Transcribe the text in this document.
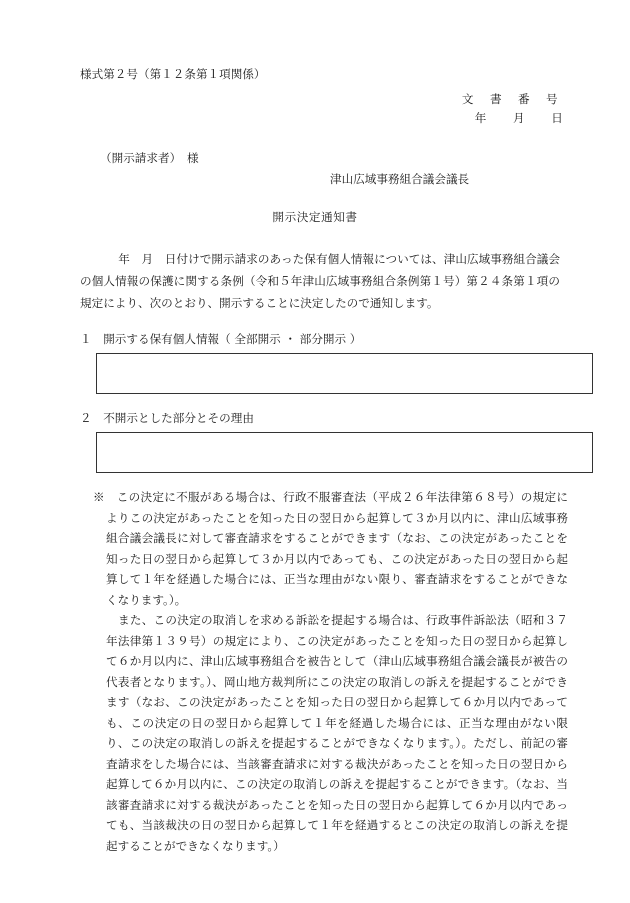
様式第２号（第１２条第１項関係）
文 書 番 号
年　　月　　日
（開示請求者）　様
津山広域事務組合議会議長
開示決定通知書
年　月　日付けで開示請求のあった保有個人情報については、津山広域事務組合議会の個人情報の保護に関する条例（令和５年津山広域事務組合条例第１号）第２４条第１項の規定により、次のとおり、開示することに決定したので通知します。
１　開示する保有個人情報（ 全部開示 ・ 部分開示 ）
２　不開示とした部分とその理由

※　この決定に不服がある場合は、行政不服審査法（平成２６年法律第６８号）の規定によりこの決定があったことを知った日の翌日から起算して３か月以内に、津山広域事務組合議会議長に対して審査請求をすることができます（なお、この決定があったことを知った日の翌日から起算して３か月以内であっても、この決定があった日の翌日から起算して１年を経過した場合には、正当な理由がない限り、審査請求をすることができなくなります。）。

また、この決定の取消しを求める訴訟を提起する場合は、行政事件訴訟法（昭和３７年法律第１３９号）の規定により、この決定があったことを知った日の翌日から起算して６か月以内に、津山広域事務組合を被告として（津山広域事務組合議会議長が被告の代表者となります。）、岡山地方裁判所にこの決定の取消しの訴えを提起することができます（なお、この決定があったことを知った日の翌日から起算して６か月以内であっても、この決定の日の翌日から起算して１年を経過した場合には、正当な理由がない限り、この決定の取消しの訴えを提起することができなくなります。）。ただし、前記の審査請求をした場合には、当該審査請求に対する裁決があったことを知った日の翌日から起算して６か月以内に、この決定の取消しの訴えを提起することができます。（なお、当該審査請求に対する裁決があったことを知った日の翌日から起算して６か月以内であっても、当該裁決の日の翌日から起算して１年を経過するとこの決定の取消しの訴えを提起することができなくなります。）
